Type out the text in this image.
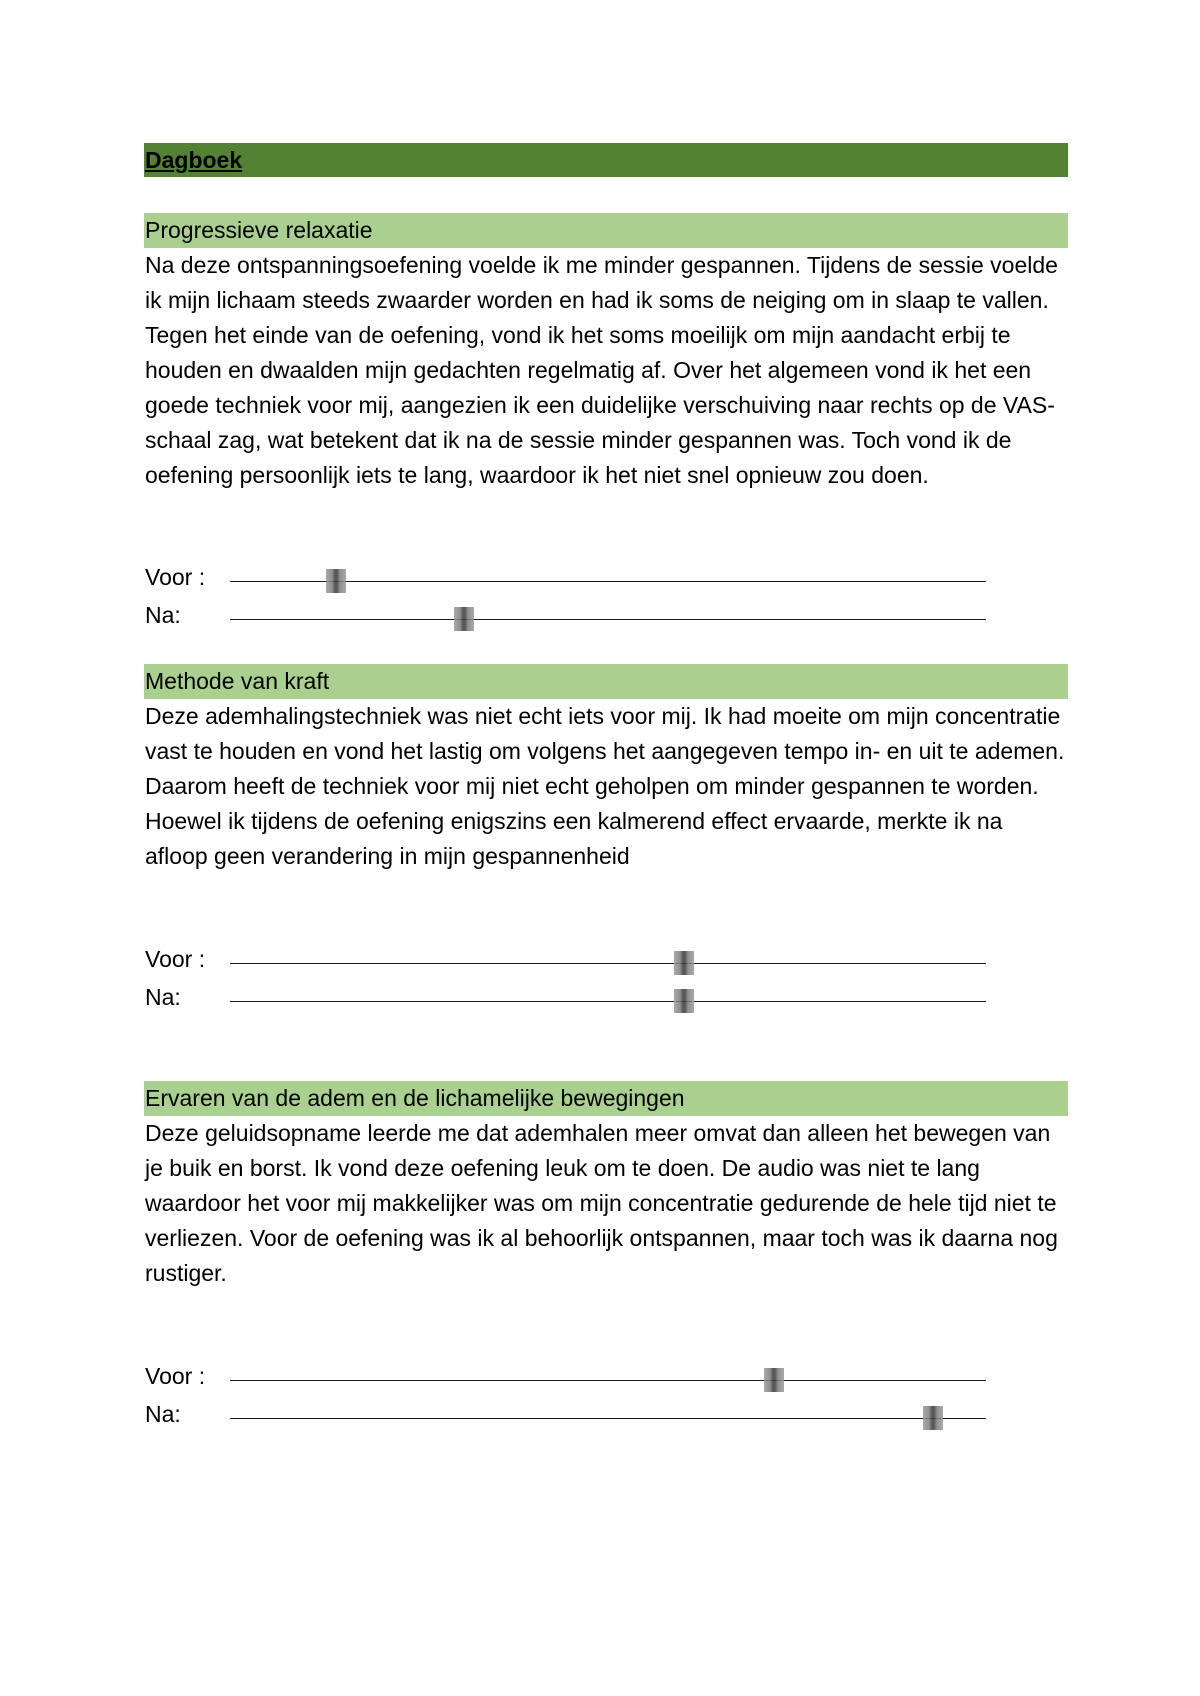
Dagboek
Progressieve relaxatie

Na deze ontspanningsoefening voelde ik me minder gespannen. Tijdens de sessie voelde ik mijn lichaam steeds zwaarder worden en had ik soms de neiging om in slaap te vallen. Tegen het einde van de oefening, vond ik het soms moeilijk om mijn aandacht erbij te houden en dwaalden mijn gedachten regelmatig af. Over het algemeen vond ik het een goede techniek voor mij, aangezien ik een duidelijke verschuiving naar rechts op de VAS-schaal zag, wat betekent dat ik na de sessie minder gespannen was. Toch vond ik de oefening persoonlijk iets te lang, waardoor ik het niet snel opnieuw zou doen.

Voor :
Na:
Methode van kraft

Deze ademhalingstechniek was niet echt iets voor mij. Ik had moeite om mijn concentratie vast te houden en vond het lastig om volgens het aangegeven tempo in- en uit te ademen. Daarom heeft de techniek voor mij niet echt geholpen om minder gespannen te worden. Hoewel ik tijdens de oefening enigszins een kalmerend effect ervaarde, merkte ik na afloop geen verandering in mijn gespannenheid

Voor :
Na:
Ervaren van de adem en de lichamelijke bewegingen

Deze geluidsopname leerde me dat ademhalen meer omvat dan alleen het bewegen van je buik en borst. Ik vond deze oefening leuk om te doen. De audio was niet te lang waardoor het voor mij makkelijker was om mijn concentratie gedurende de hele tijd niet te verliezen. Voor de oefening was ik al behoorlijk ontspannen, maar toch was ik daarna nog rustiger.

Voor :
Na:
